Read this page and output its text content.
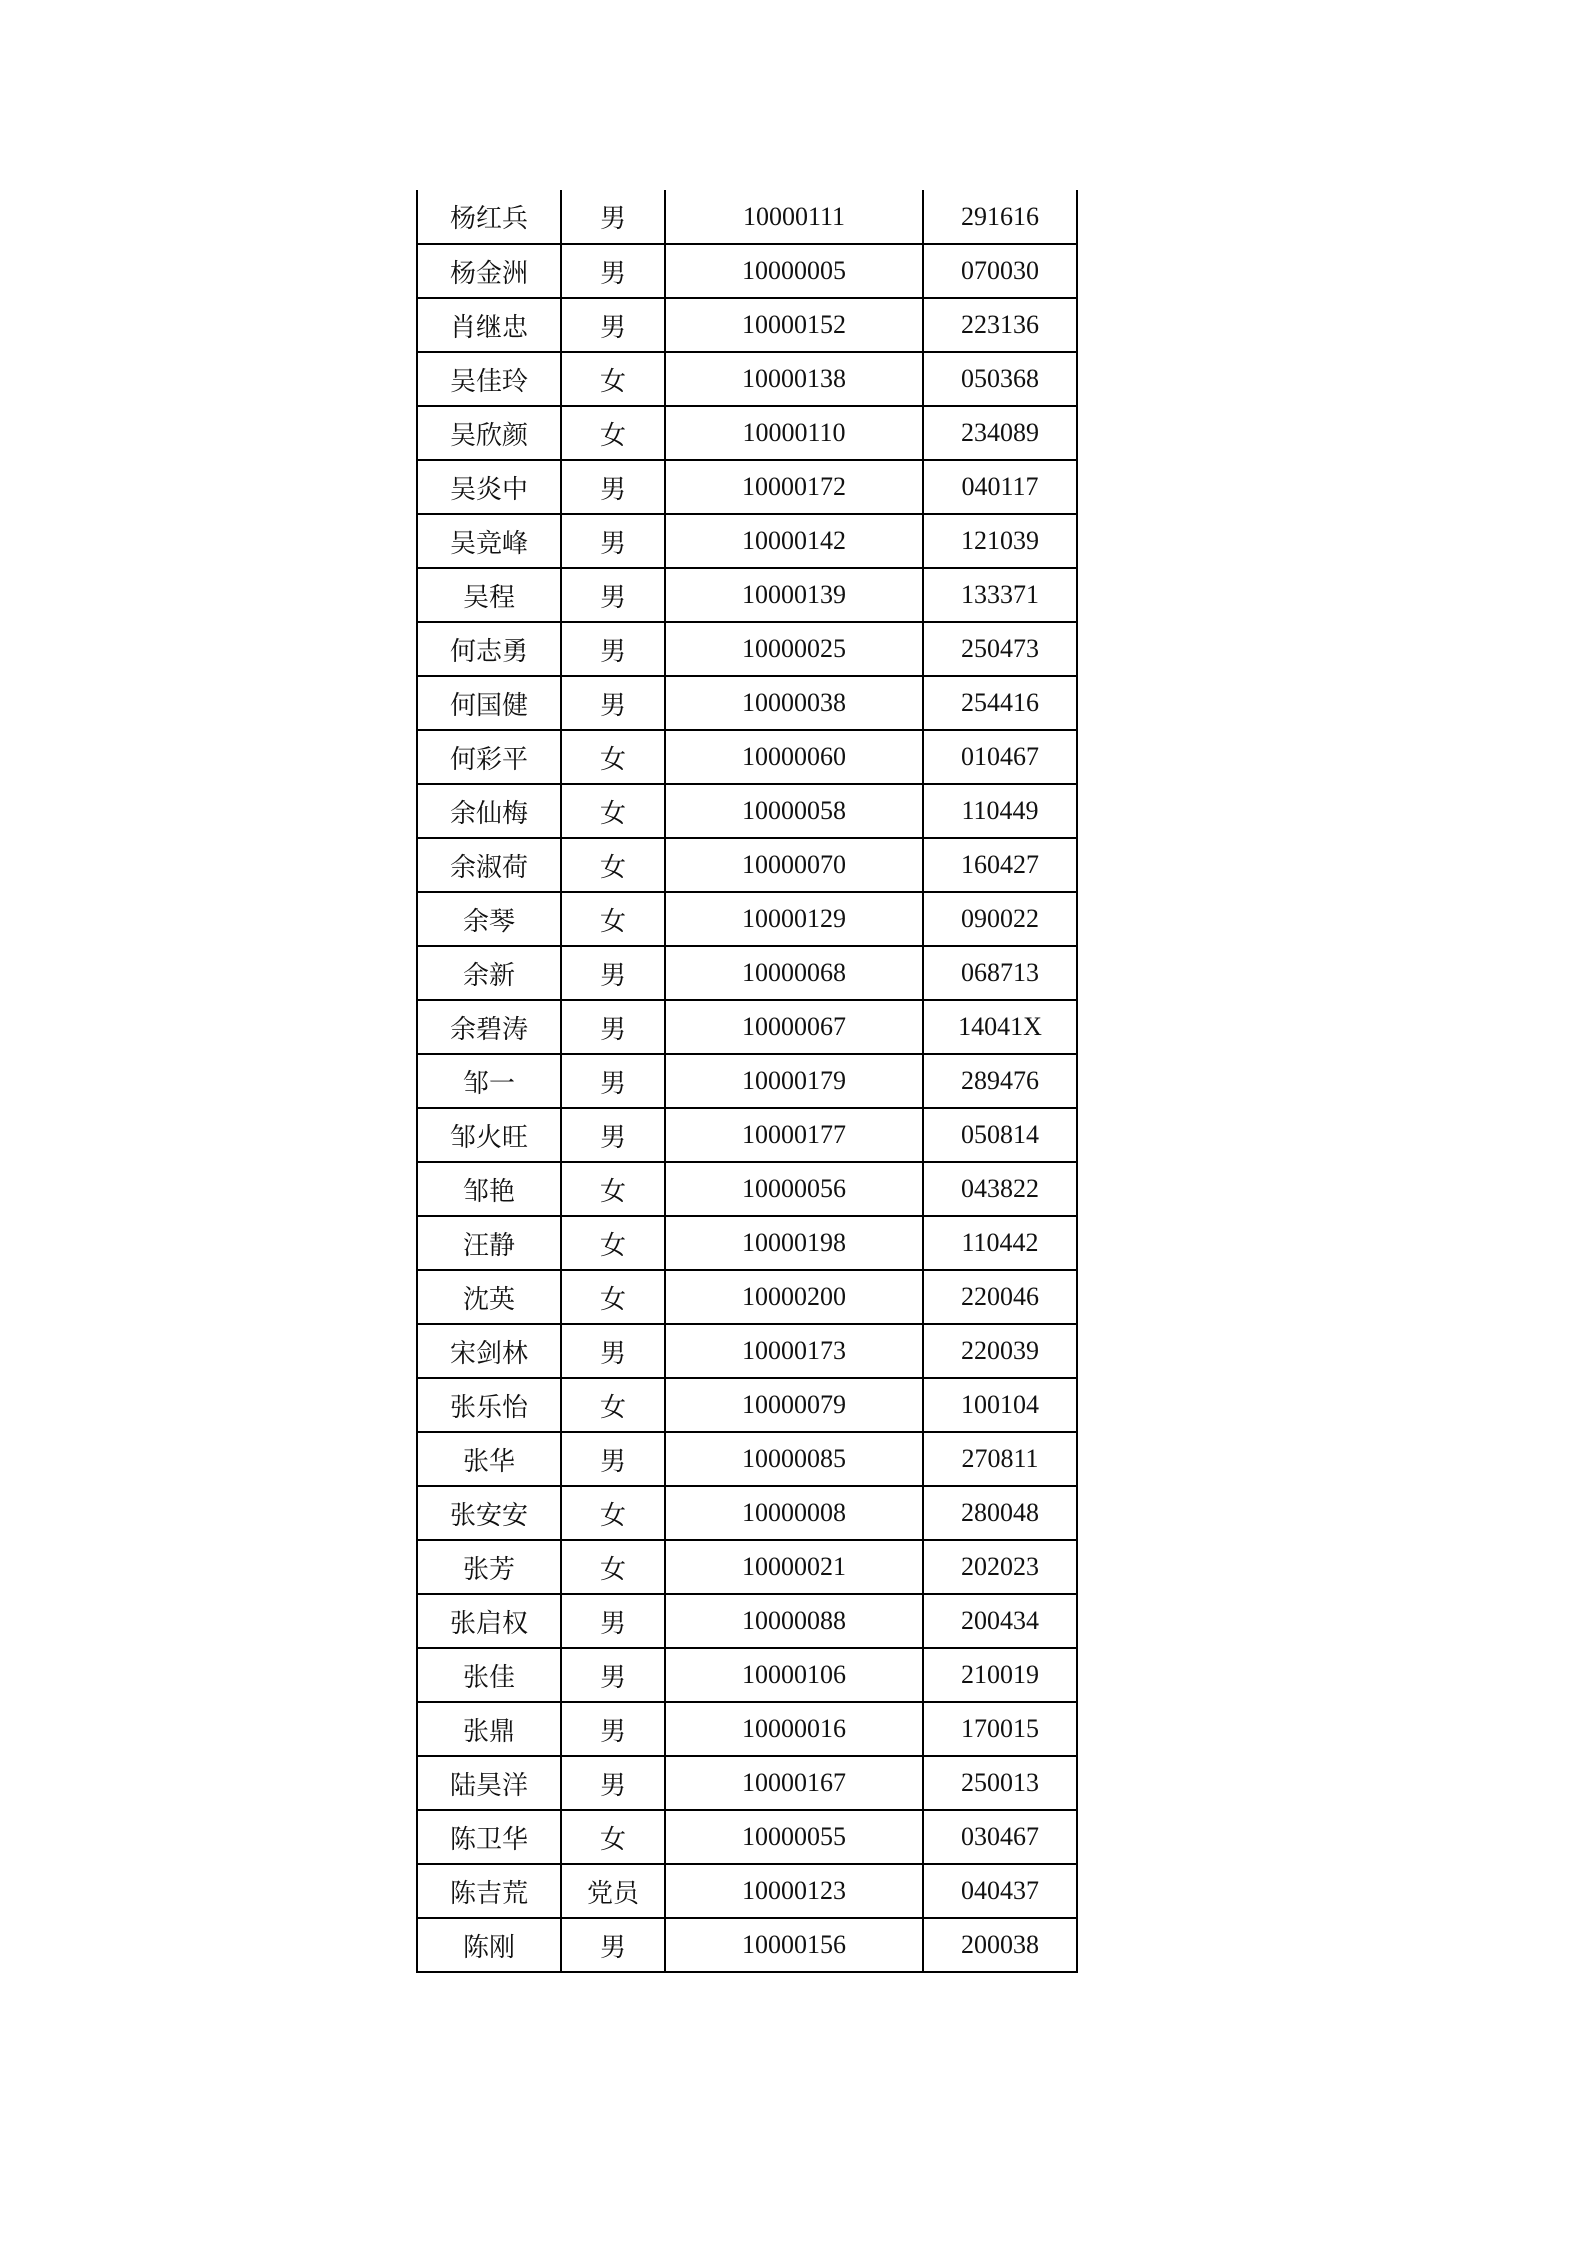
杨红兵	男	10000111	291616
杨金洲	男	10000005	070030
肖继忠	男	10000152	223136
吴佳玲	女	10000138	050368
吴欣颜	女	10000110	234089
吴炎中	男	10000172	040117
吴竞峰	男	10000142	121039
吴程	男	10000139	133371
何志勇	男	10000025	250473
何国健	男	10000038	254416
何彩平	女	10000060	010467
余仙梅	女	10000058	110449
余淑荷	女	10000070	160427
余琴	女	10000129	090022
余新	男	10000068	068713
余碧涛	男	10000067	14041X
邹一	男	10000179	289476
邹火旺	男	10000177	050814
邹艳	女	10000056	043822
汪静	女	10000198	110442
沈英	女	10000200	220046
宋剑林	男	10000173	220039
张乐怡	女	10000079	100104
张华	男	10000085	270811
张安安	女	10000008	280048
张芳	女	10000021	202023
张启权	男	10000088	200434
张佳	男	10000106	210019
张鼎	男	10000016	170015
陆昊洋	男	10000167	250013
陈卫华	女	10000055	030467
陈吉荒	党员	10000123	040437
陈刚	男	10000156	200038
